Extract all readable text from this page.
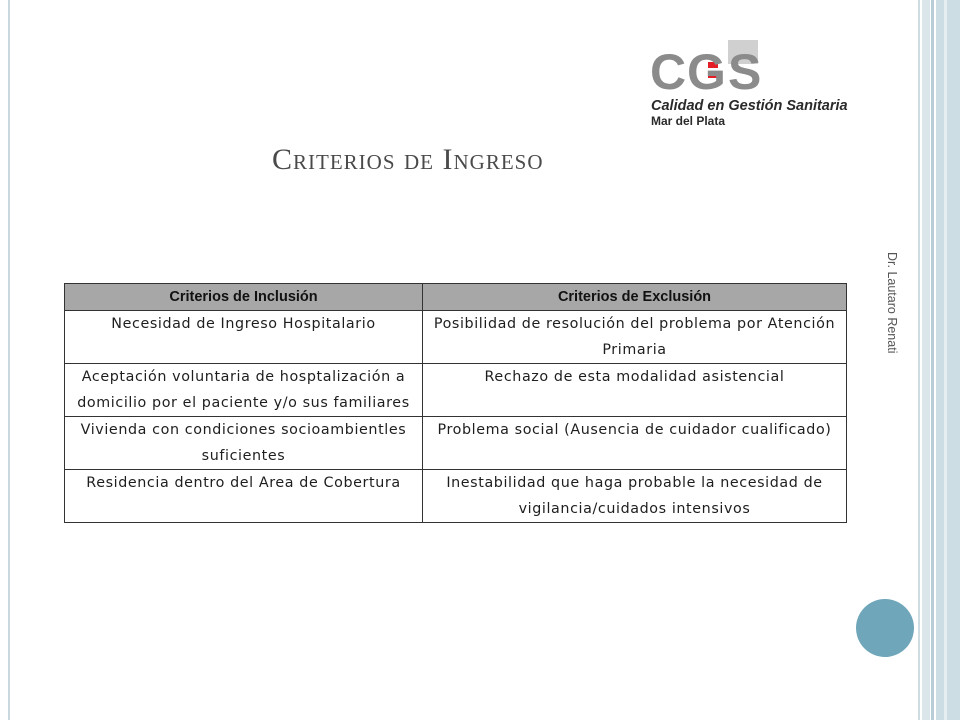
C G S
Calidad en Gestión Sanitaria
Mar del Plata
Criterios de Ingreso
Dr. Lautaro Renati
Criterios de Inclusión	Criterios de Exclusión
Necesidad de Ingreso Hospitalario	Posibilidad de resolución del problema por Atención Primaria
Aceptación voluntaria de hosptalización a domicilio por el paciente y/o sus familiares	Rechazo de esta modalidad asistencial
Vivienda con condiciones socioambientles suficientes	Problema social (Ausencia de cuidador cualificado)
Residencia dentro del Area de Cobertura	Inestabilidad que haga probable la necesidad de vigilancia/cuidados intensivos
